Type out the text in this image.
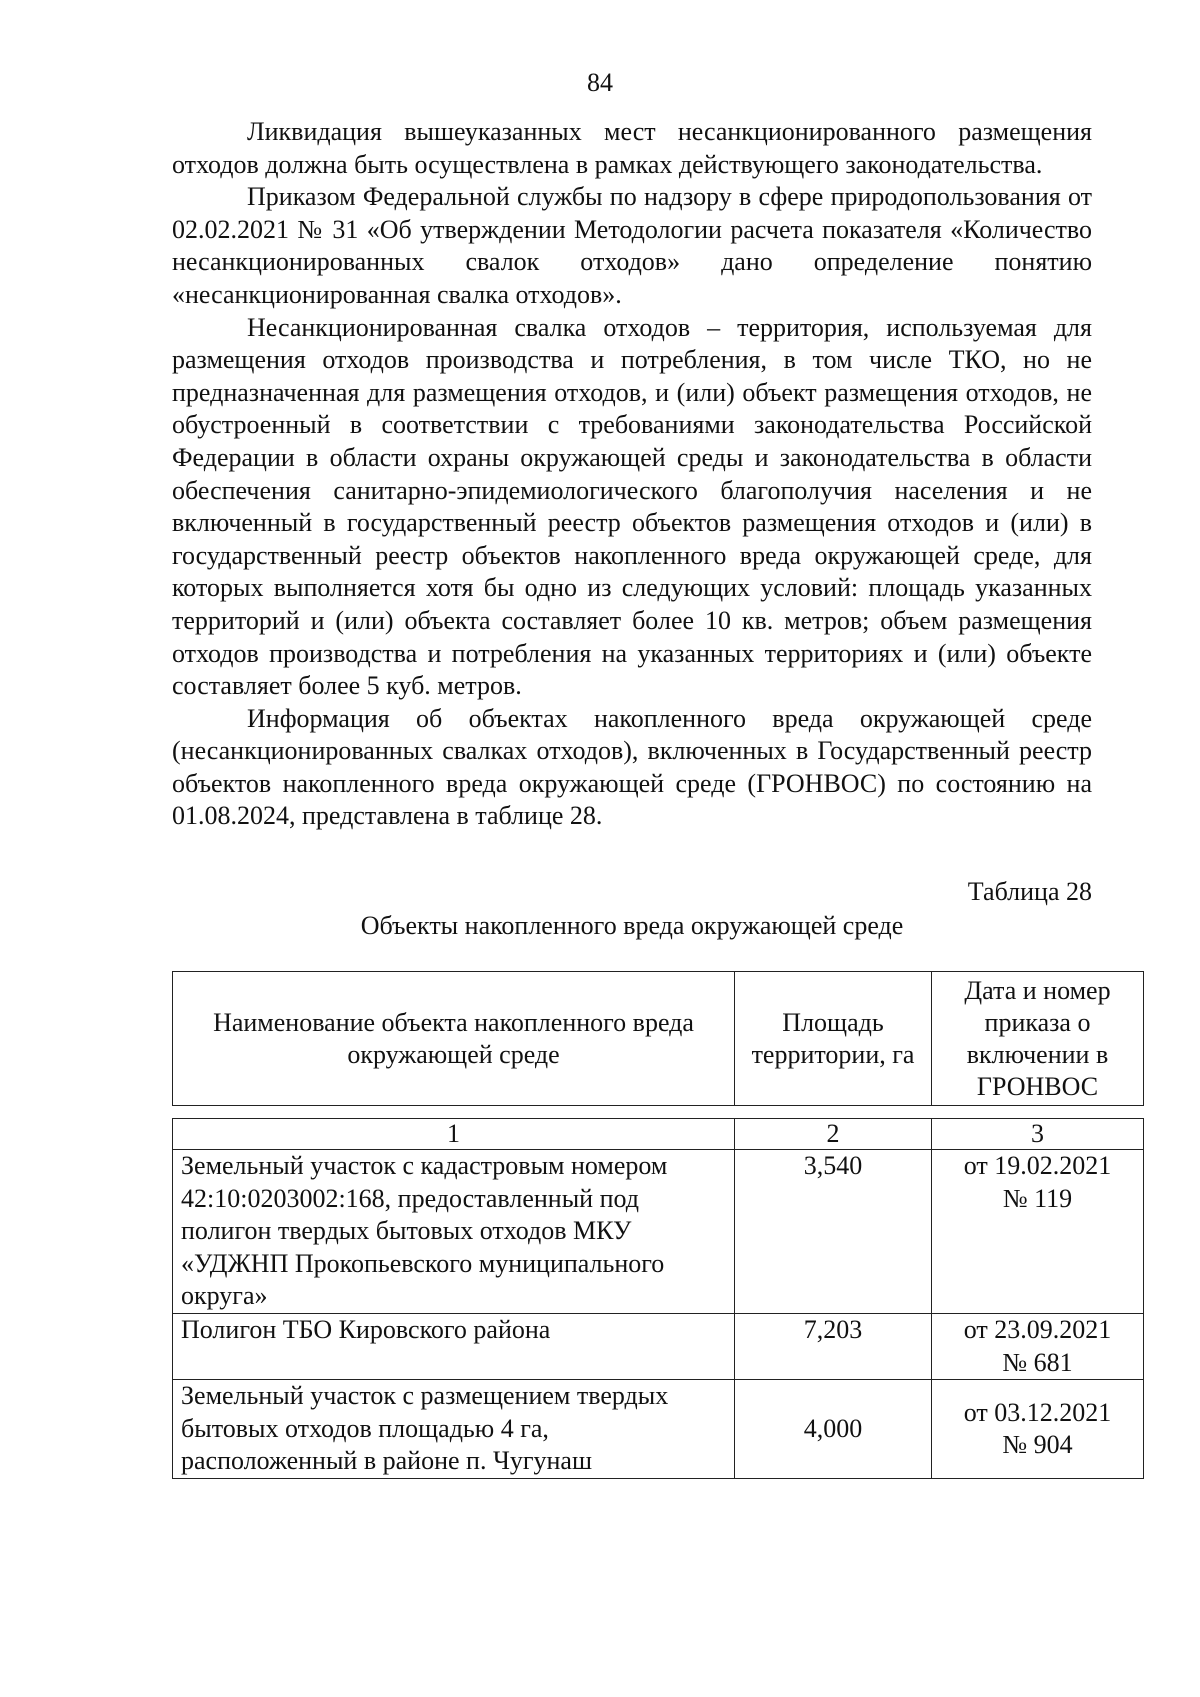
84

Ликвидация вышеуказанных мест несанкционированного размещения отходов должна быть осуществлена в рамках действующего законодательства.

Приказом Федеральной службы по надзору в сфере природопользования от 02.02.2021 № 31 «Об утверждении Методологии расчета показателя «Количество несанкционированных свалок отходов» дано определение понятию «несанкционированная свалка отходов».

Несанкционированная свалка отходов – территория, используемая для размещения отходов производства и потребления, в том числе ТКО, но не предназначенная для размещения отходов, и (или) объект размещения отходов, не обустроенный в соответствии с требованиями законодательства Российской Федерации в области охраны окружающей среды и законодательства в области обеспечения санитарно-эпидемиологического благополучия населения и не включенный в государственный реестр объектов размещения отходов и (или) в государственный реестр объектов накопленного вреда окружающей среде, для которых выполняется хотя бы одно из следующих условий: площадь указанных территорий и (или) объекта составляет более 10 кв. метров; объем размещения отходов производства и потребления на указанных территориях и (или) объекте составляет более 5 куб. метров.

Информация об объектах накопленного вреда окружающей среде (несанкционированных свалках отходов), включенных в Государственный реестр объектов накопленного вреда окружающей среде (ГРОНВОС) по состоянию на 01.08.2024, представлена в таблице 28.

Таблица 28

Объекты накопленного вреда окружающей среде

Наименование объекта накопленного вреда окружающей среде	Площадь территории, га	Дата и номер приказа о включении в ГРОНВОС
1	2	3
Земельный участок с кадастровым номером 42:10:0203002:168, предоставленный под полигон твердых бытовых отходов МКУ «УДЖНП Прокопьевского муниципального округа»	3,540	от 19.02.2021
№ 119

Полигон ТБО Кировского района	7,203	от 23.09.2021
№ 681

Земельный участок с размещением твердых бытовых отходов площадью 4 га, расположенный в районе п. Чугунаш	4,000	от 03.12.2021
№ 904
